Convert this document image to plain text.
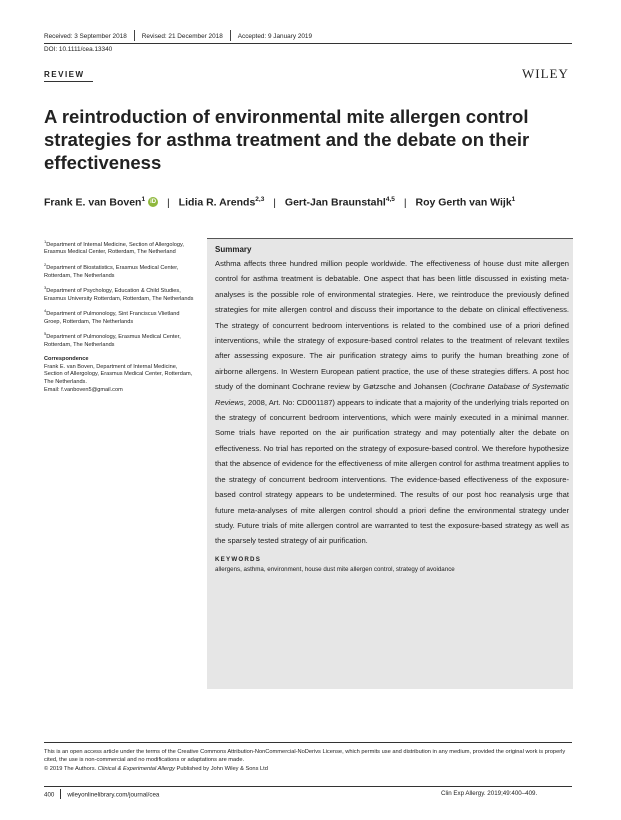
Received: 3 September 2018 Revised: 21 December 2018 Accepted: 9 January 2019
DOI: 10.1111/cea.13340
REVIEW	WILEY
A reintroduction of environmental mite allergen control strategies for asthma treatment and the debate on their effectiveness
Frank E. van Boven$^1$ iD | Lidia R. Arends$^{2,3}$ | Gert-Jan Braunstahl$^{4,5}$ | Roy Gerth van Wijk$^1$

$^1$Department of Internal Medicine, Section of Allergology, Erasmus Medical Center, Rotterdam, The Netherland

$^2$Department of Biostatistics, Erasmus Medical Center, Rotterdam, The Netherlands

$^3$Department of Psychology, Education & Child Studies, Erasmus University Rotterdam, Rotterdam, The Netherlands

$^4$Department of Pulmonology, Sint Franciscus Vlietland Groep, Rotterdam, The Netherlands

$^5$Department of Pulmonology, Erasmus Medical Center, Rotterdam, The Netherlands

Correspondence
Frank E. van Boven, Department of Internal Medicine, Section of Allergology, Erasmus Medical Center, Rotterdam, The Netherlands.
Email: f.vanboven5@gmail.com

Summary

Asthma affects three hundred million people worldwide. The effectiveness of house dust mite allergen control for asthma treatment is debatable. One aspect that has been little discussed in existing meta-analyses is the possible role of environmental strategies. Here, we reintroduce the previously defined strategies for mite allergen control and discuss their importance to the debate on clinical effectiveness. The strategy of concurrent bedroom interventions is related to the combined use of a priori defined interventions, while the strategy of exposure-based control relates to the treatment of relevant textiles after assessing exposure. The air purification strategy aims to purify the human breathing zone of airborne allergens. In Western European patient practice, the use of these strategies differs. A post hoc study of the dominant Cochrane review by Gøtzsche and Johansen (Cochrane Database of Systematic Reviews, 2008, Art. No: CD001187) appears to indicate that a majority of the underlying trials reported on the strategy of concurrent bedroom interventions, which were mainly executed in a minimal manner. Some trials have reported on the air purification strategy and may potentially alter the debate on effectiveness. No trial has reported on the strategy of exposure-based control. We therefore hypothesize that the absence of evidence for the effectiveness of mite allergen control for asthma treatment applies to the strategy of concurrent bedroom interventions. The evidence-based effectiveness of the exposure-based control strategy appears to be undetermined. The results of our post hoc reanalysis urge that future meta-analyses of mite allergen control should a priori define the environmental strategy under study. Future trials of mite allergen control are warranted to test the exposure-based strategy as well as the sparsely tested strategy of air purification.

KEYWORDS
allergens, asthma, environment, house dust mite allergen control, strategy of avoidance
This is an open access article under the terms of the Creative Commons Attribution-NonCommercial-NoDerivs License, which permits use and distribution in any medium, provided the original work is properly cited, the use is non-commercial and no modifications or adaptations are made.
© 2019 The Authors. Clinical & Experimental Allergy Published by John Wiley & Sons Ltd
400 wileyonlinelibrary.com/journal/cea	Clin Exp Allergy. 2019;49:400–409.
